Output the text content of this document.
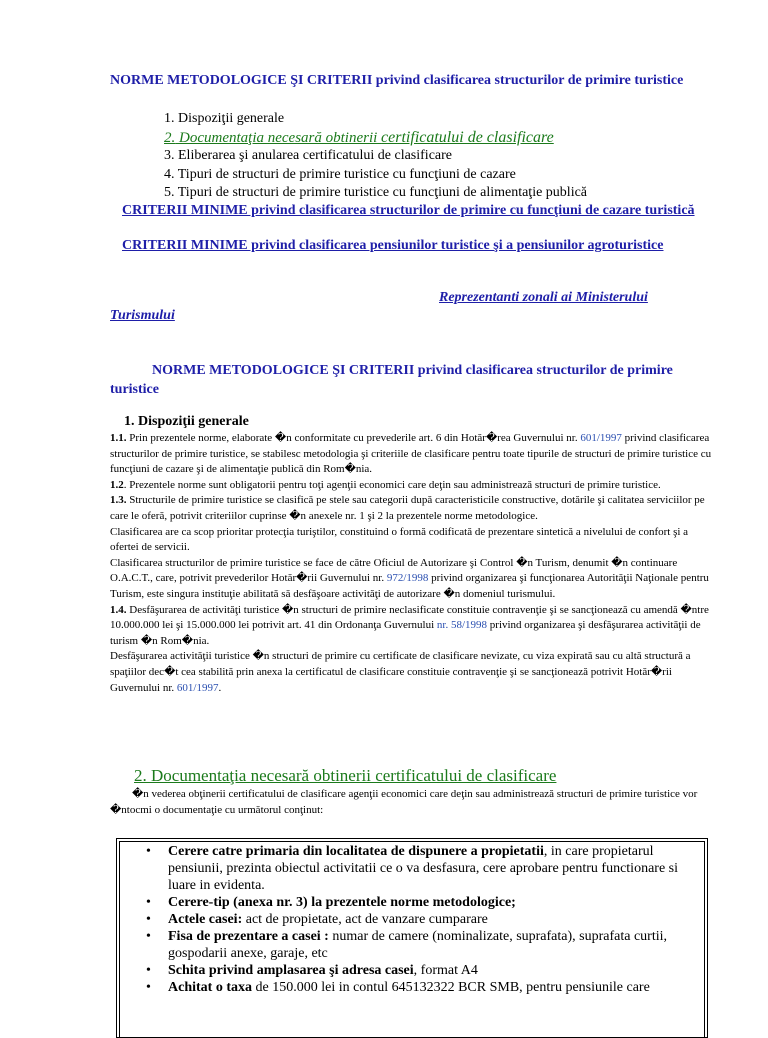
NORME METODOLOGICE ŞI CRITERII privind clasificarea structurilor de primire turistice
1. Dispoziţii generale
2. Documentaţia necesară obtinerii certificatului de clasificare
3. Eliberarea şi anularea certificatului de clasificare
4. Tipuri de structuri de primire turistice cu funcţiuni de cazare
5. Tipuri de structuri de primire turistice cu funcţiuni de alimentaţie publică
CRITERII MINIME privind clasificarea structurilor de primire cu funcţiuni de cazare turistică
CRITERII MINIME privind clasificarea pensiunilor turistice şi a pensiunilor agroturistice
Reprezentanti zonali ai Ministerului
Turismului
NORME METODOLOGICE ŞI CRITERII privind clasificarea structurilor de primire turistice
1. Dispoziţii generale

1.1. Prin prezentele norme, elaborate �n conformitate cu prevederile art. 6 din Hotăr�rea Guvernului nr. 601/1997 privind clasificarea structurilor de primire turistice, se stabilesc metodologia şi criteriile de clasificare pentru toate tipurile de structuri de primire turistice cu funcţiuni de cazare şi de alimentaţie publică din Rom�nia.

1.2. Prezentele norme sunt obligatorii pentru toţi agenţii economici care deţin sau administrează structuri de primire turistice.

1.3. Structurile de primire turistice se clasifică pe stele sau categorii după caracteristicile constructive, dotările şi calitatea serviciilor pe care le oferă, potrivit criteriilor cuprinse �n anexele nr. 1 şi 2 la prezentele norme metodologice.

Clasificarea are ca scop prioritar protecţia turiştilor, constituind o formă codificată de prezentare sintetică a nivelului de confort şi a ofertei de servicii.

Clasificarea structurilor de primire turistice se face de către Oficiul de Autorizare şi Control �n Turism, denumit �n continuare O.A.C.T., care, potrivit prevederilor Hotăr�rii Guvernului nr. 972/1998 privind organizarea şi funcţionarea Autorităţii Naţionale pentru Turism, este singura instituţie abilitată să desfăşoare activităţi de autorizare �n domeniul turismului.

1.4. Desfăşurarea de activităţi turistice �n structuri de primire neclasificate constituie contravenţie şi se sancţionează cu amendă �ntre 10.000.000 lei şi 15.000.000 lei potrivit art. 41 din Ordonanţa Guvernului nr. 58/1998 privind organizarea şi desfăşurarea activităţii de turism �n Rom�nia.

Desfăşurarea activităţii turistice �n structuri de primire cu certificate de clasificare nevizate, cu viza expirată sau cu altă structură a spaţiilor dec�t cea stabilită prin anexa la certificatul de clasificare constituie contravenţie şi se sancţionează potrivit Hotăr�rii Guvernului nr. 601/1997.

2. Documentaţia necesară obtinerii certificatului de clasificare
�n vederea obţinerii certificatului de clasificare agenţii economici care deţin sau administrează structuri de primire turistice vor �ntocmi o documentaţie cu următorul conţinut:
• Cerere catre primaria din localitatea de dispunere a propietatii, in care propietarul pensiunii, prezinta obiectul activitatii ce o va desfasura, cere aprobare pentru functionare si luare in evidenta.
• Cerere-tip (anexa nr. 3) la prezentele norme metodologice;
• Actele casei: act de propietate, act de vanzare cumparare
• Fisa de prezentare a casei : numar de camere (nominalizate, suprafata), suprafata curtii, gospodarii anexe, garaje, etc
• Schita privind amplasarea şi adresa casei, format A4
• Achitat o taxa de 150.000 lei in contul 645132322 BCR SMB, pentru pensiunile care
